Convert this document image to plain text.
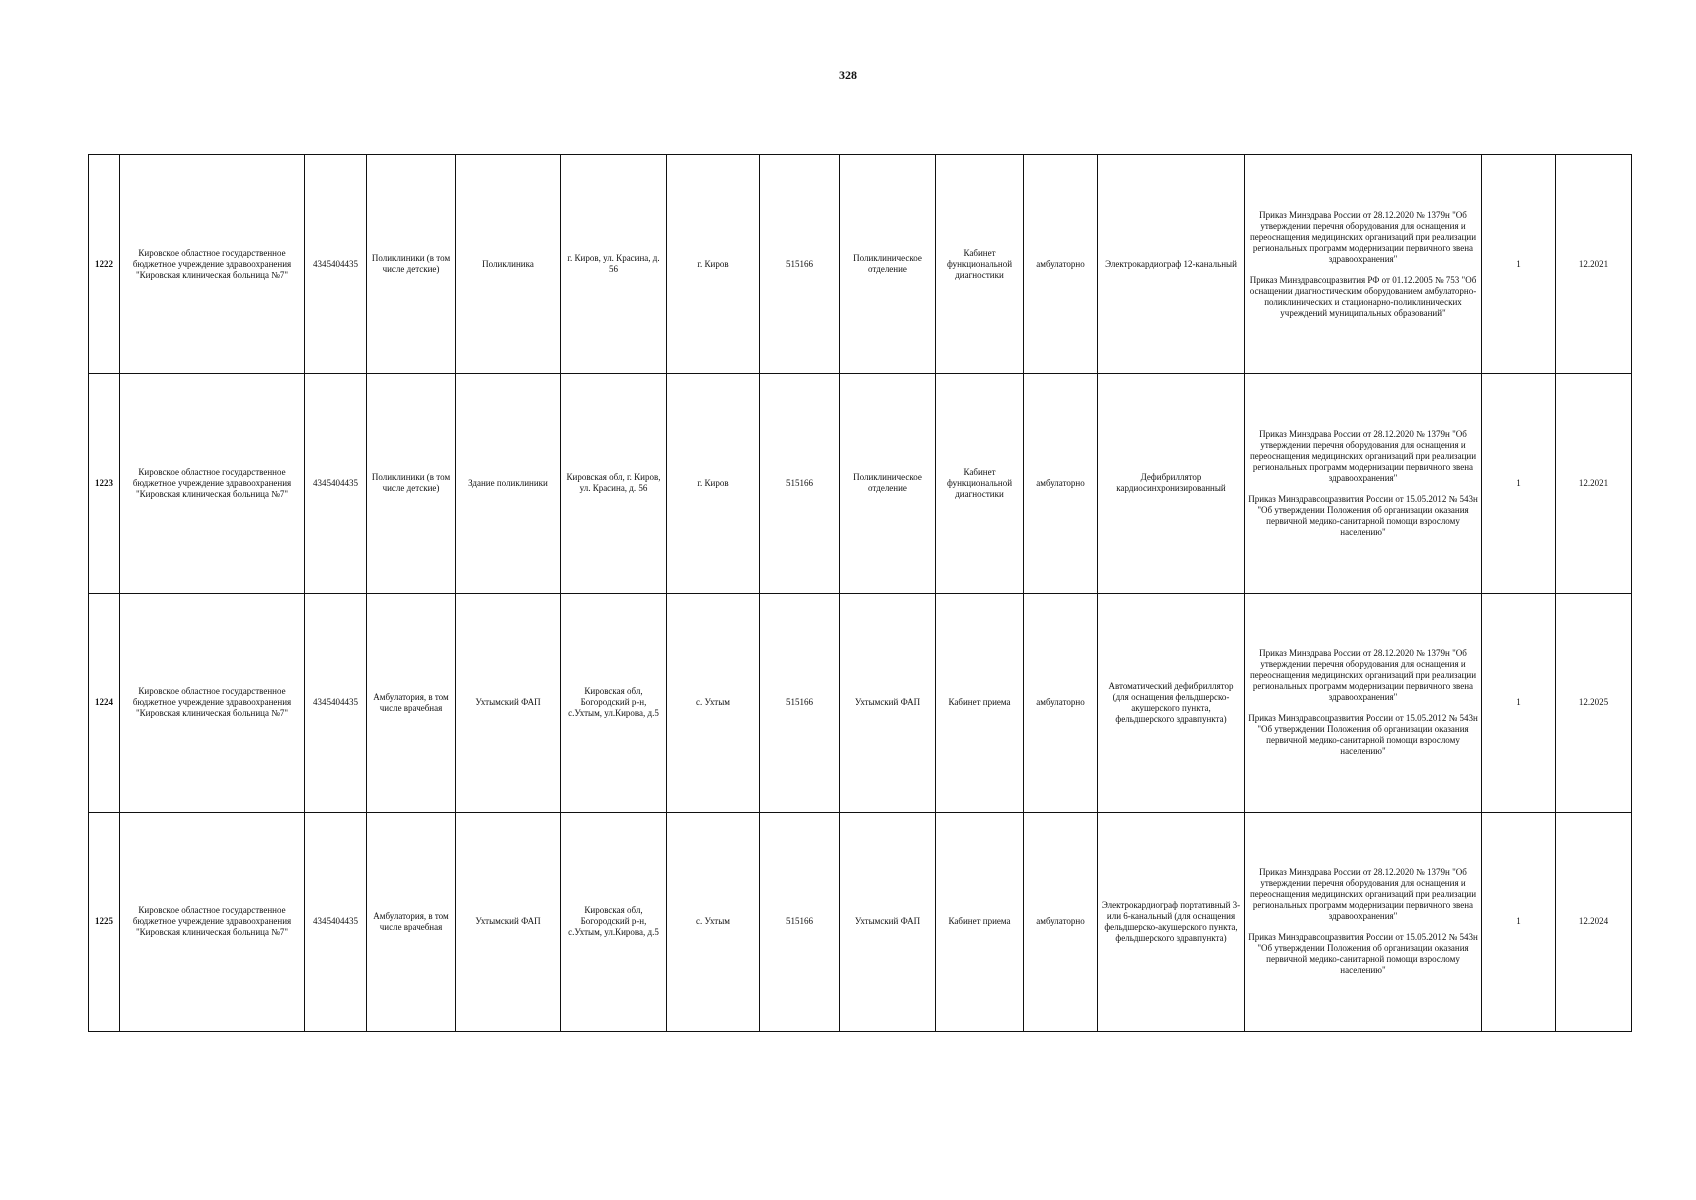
328
1222	Кировское областное государственное бюджетное учреждение здравоохранения "Кировская клиническая больница №7"	4345404435	Поликлиники (в том числе детские)	Поликлиника	г. Киров, ул. Красина, д. 56	г. Киров	515166	Поликлиническое отделение	Кабинет функциональной диагностики	амбулаторно	Электрокардиограф 12-канальный	Приказ Минздрава России от 28.12.2020 № 1379н "Об утверждении перечня оборудования для оснащения и переоснащения медицинских организаций при реализации региональных программ модернизации первичного звена здравоохранения"

Приказ Минздравсоцразвития РФ от 01.12.2005 № 753 "Об оснащении диагностическим оборудованием амбулаторно-поликлинических и стационарно-поликлинических учреждений муниципальных образований"	1	12.2021
1223	Кировское областное государственное бюджетное учреждение здравоохранения "Кировская клиническая больница №7"	4345404435	Поликлиники (в том числе детские)	Здание поликлиники	Кировская обл, г. Киров, ул. Красина, д. 56	г. Киров	515166	Поликлиническое отделение	Кабинет функциональной диагностики	амбулаторно	Дефибриллятор кардиосинхронизированный	Приказ Минздрава России от 28.12.2020 № 1379н "Об утверждении перечня оборудования для оснащения и переоснащения медицинских организаций при реализации региональных программ модернизации первичного звена здравоохранения"

Приказ Минздравсоцразвития России от 15.05.2012 № 543н "Об утверждении Положения об организации оказания первичной медико-санитарной помощи взрослому населению"	1	12.2021
1224	Кировское областное государственное бюджетное учреждение здравоохранения "Кировская клиническая больница №7"	4345404435	Амбулатория, в том числе врачебная	Ухтымский ФАП	Кировская обл, Богородский р-н, с.Ухтым, ул.Кирова, д.5	с. Ухтым	515166	Ухтымский ФАП	Кабинет приема	амбулаторно	Автоматический дефибриллятор (для оснащения фельдшерско-акушерского пункта, фельдшерского здравпункта)	Приказ Минздрава России от 28.12.2020 № 1379н "Об утверждении перечня оборудования для оснащения и переоснащения медицинских организаций при реализации региональных программ модернизации первичного звена здравоохранения"

Приказ Минздравсоцразвития России от 15.05.2012 № 543н "Об утверждении Положения об организации оказания первичной медико-санитарной помощи взрослому населению"	1	12.2025
1225	Кировское областное государственное бюджетное учреждение здравоохранения "Кировская клиническая больница №7"	4345404435	Амбулатория, в том числе врачебная	Ухтымский ФАП	Кировская обл, Богородский р-н, с.Ухтым, ул.Кирова, д.5	с. Ухтым	515166	Ухтымский ФАП	Кабинет приема	амбулаторно	Электрокардиограф портативный 3- или 6-канальный (для оснащения фельдшерско-акушерского пункта, фельдшерского здравпункта)	Приказ Минздрава России от 28.12.2020 № 1379н "Об утверждении перечня оборудования для оснащения и переоснащения медицинских организаций при реализации региональных программ модернизации первичного звена здравоохранения"

Приказ Минздравсоцразвития России от 15.05.2012 № 543н "Об утверждении Положения об организации оказания первичной медико-санитарной помощи взрослому населению"	1	12.2024
